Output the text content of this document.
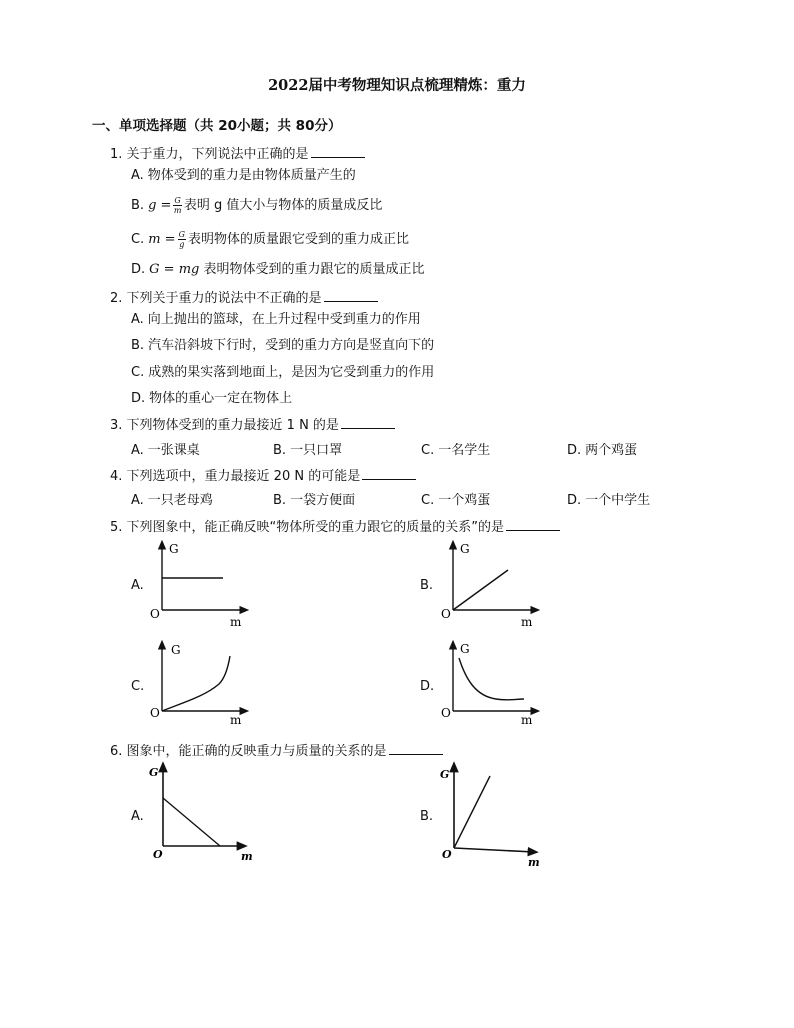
2022届中考物理知识点梳理精炼：重力
一、单项选择题（共 20小题；共 80分）
1. 关于重力，下列说法中正确的是
A. 物体受到的重力是由物体质量产生的
B. $g = \frac{G}{m}$ 表明 g 值大小与物体的质量成反比
C. $m = \frac{G}{g}$ 表明物体的质量跟它受到的重力成正比
D. G = mg 表明物体受到的重力跟它的质量成正比
2. 下列关于重力的说法中不正确的是
A. 向上抛出的篮球，在上升过程中受到重力的作用
B. 汽车沿斜坡下行时，受到的重力方向是竖直向下的
C. 成熟的果实落到地面上，是因为它受到重力的作用
D. 物体的重心一定在物体上
3. 下列物体受到的重力最接近 1 N 的是
A. 一张课桌	B. 一只口罩	C. 一名学生	D. 两个鸡蛋
4. 下列选项中，重力最接近 20 N 的可能是
A. 一只老母鸡	B. 一袋方便面	C. 一个鸡蛋	D. 一个中学生
5. 下列图象中，能正确反映“物体所受的重力跟它的质量的关系”的是
A.
G
O
m
B.
G
O
m
C.
G
O	m
D.
G
O	m
6. 图象中，能正确的反映重力与质量的关系的是
A.
G
O	m
B.
G
O
m
